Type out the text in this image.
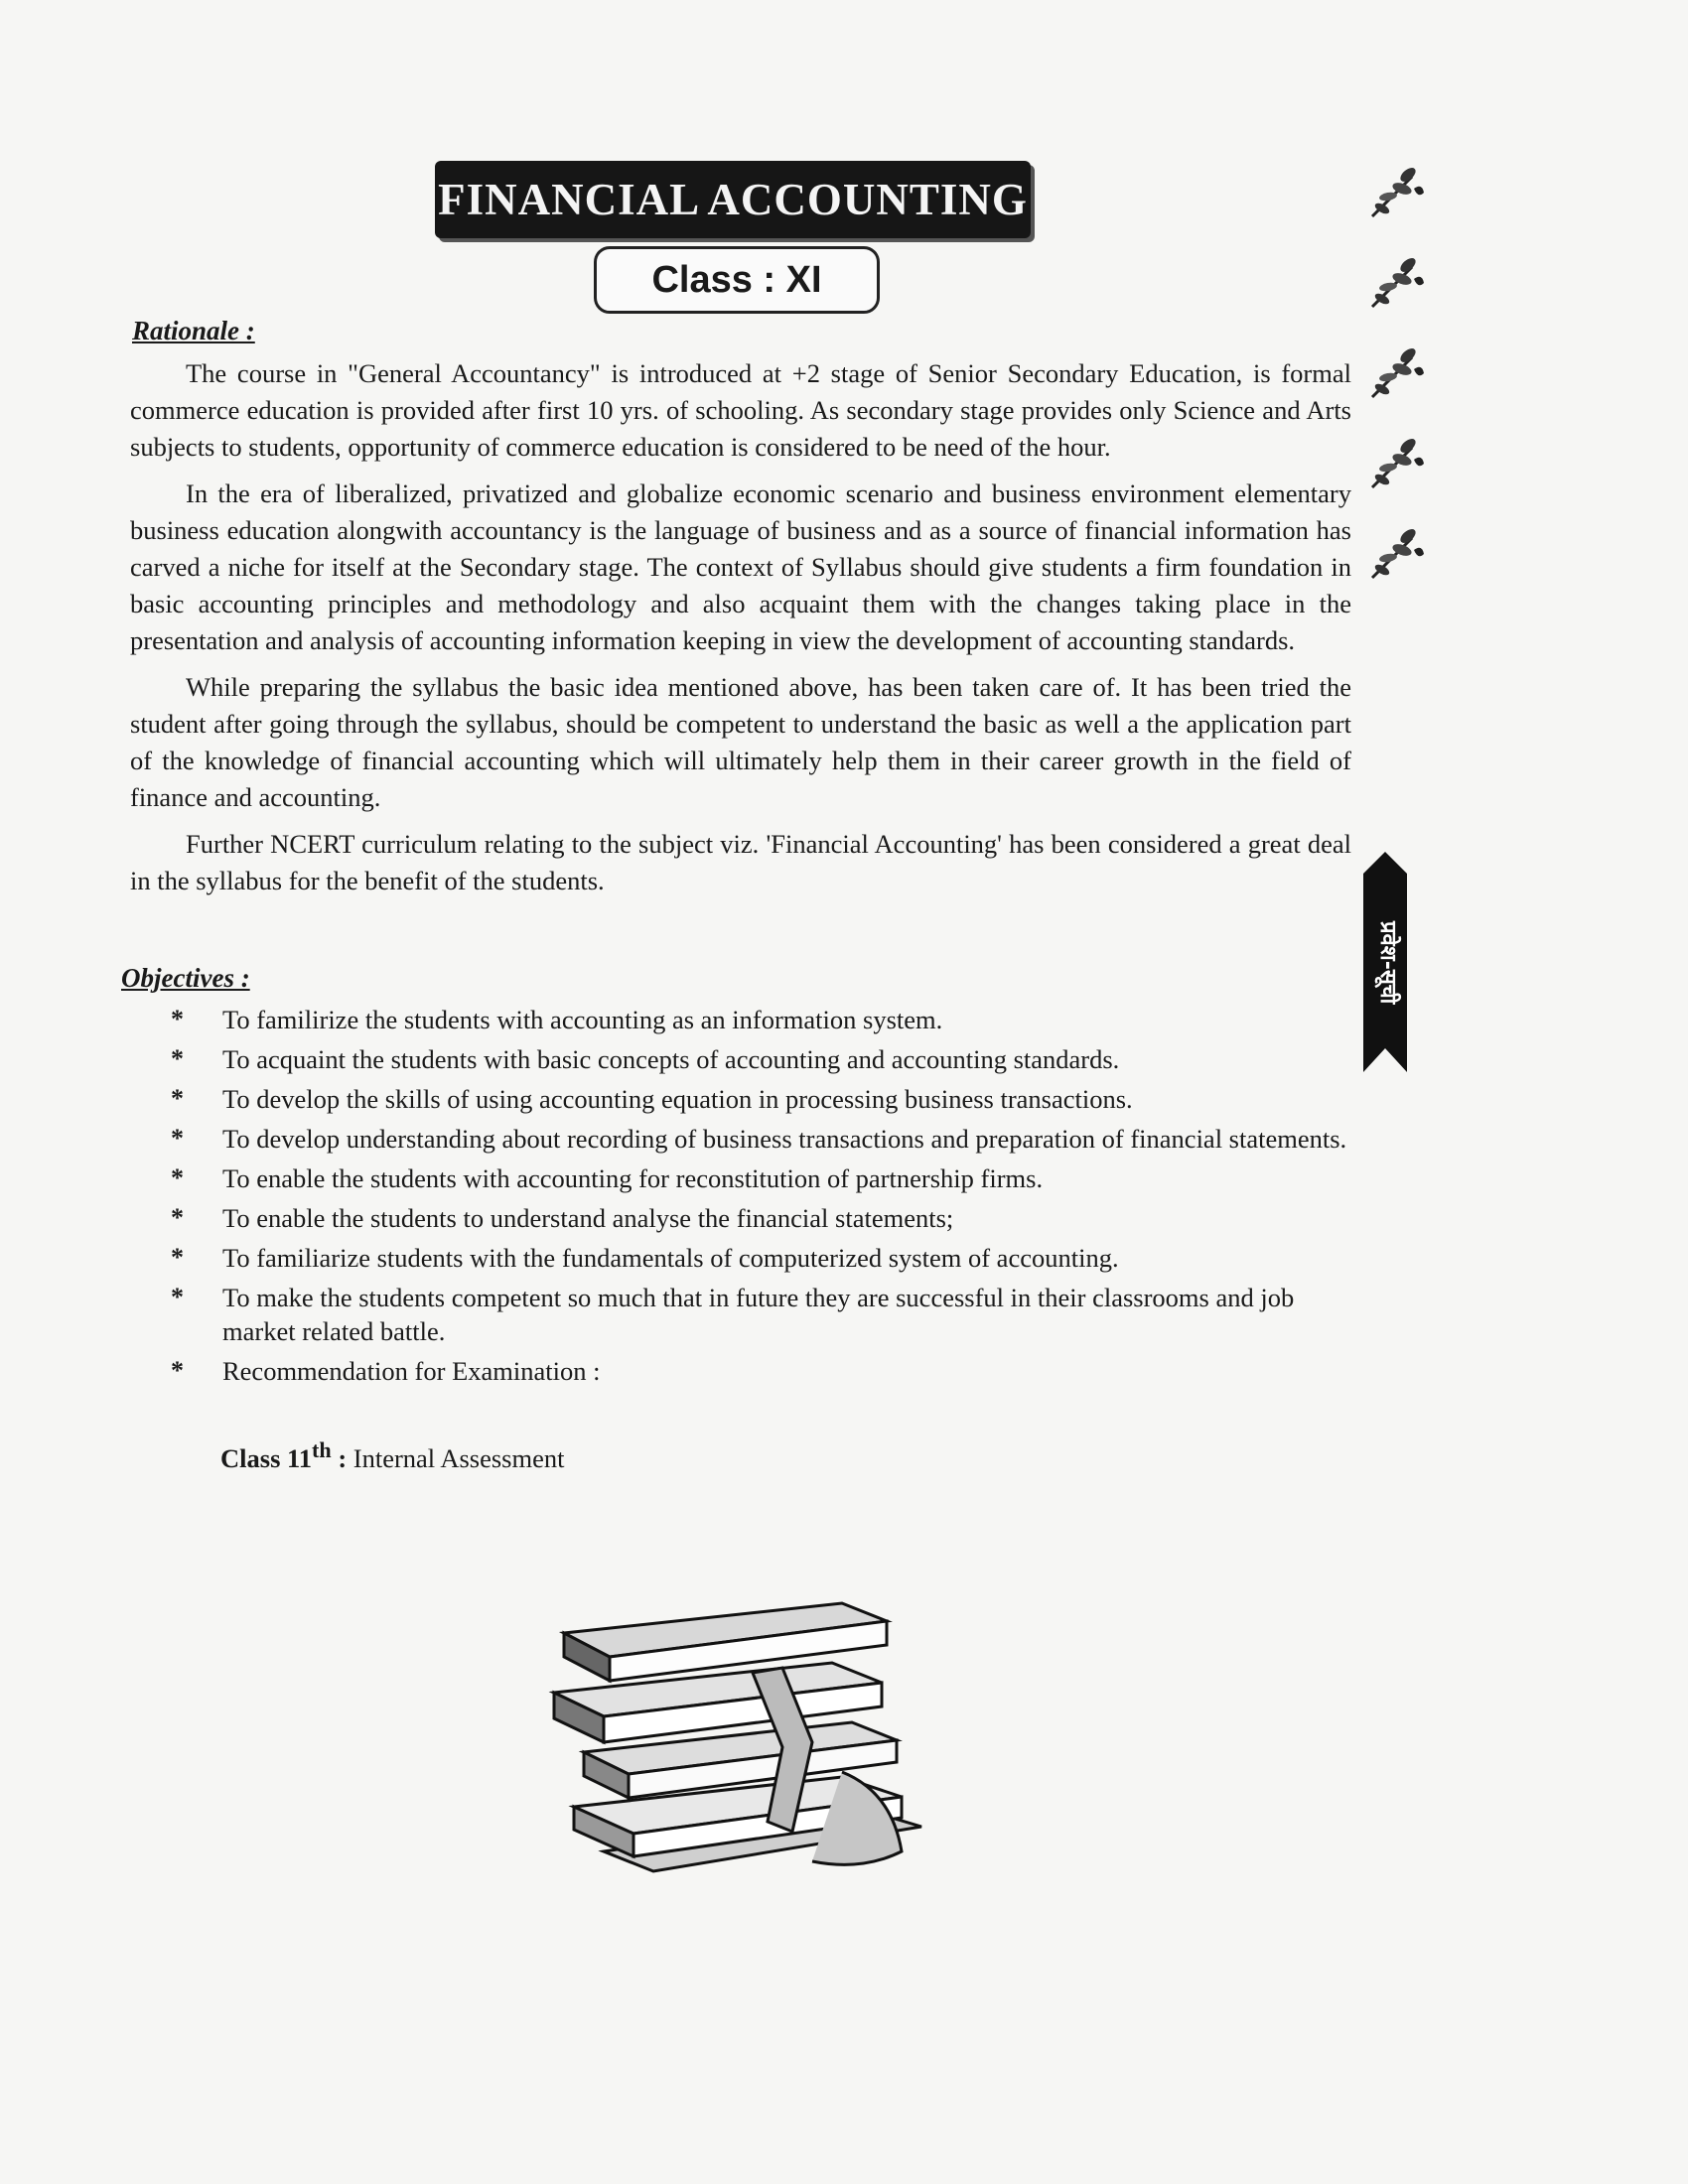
FINANCIAL ACCOUNTING
Class : XI
Rationale :

The course in "General Accountancy" is introduced at +2 stage of Senior Secondary Education, is formal commerce education is provided after first 10 yrs. of schooling. As secondary stage provides only Science and Arts subjects to students, opportunity of commerce education is considered to be need of the hour.

In the era of liberalized, privatized and globalize economic scenario and business environment elementary business education alongwith accountancy is the language of business and as a source of financial information has carved a niche for itself at the Secondary stage. The context of Syllabus should give students a firm foundation in basic accounting principles and methodology and also acquaint them with the changes taking place in the presentation and analysis of accounting information keeping in view the development of accounting standards.

While preparing the syllabus the basic idea mentioned above, has been taken care of. It has been tried the student after going through the syllabus, should be competent to understand the basic as well a the application part of the knowledge of financial accounting which will ultimately help them in their career growth in the field of finance and accounting.

Further NCERT curriculum relating to the subject viz. 'Financial Accounting' has been considered a great deal in the syllabus for the benefit of the students.

Objectives :
* To familirize the students with accounting as an information system.
* To acquaint the students with basic concepts of accounting and accounting standards.
* To develop the skills of using accounting equation in processing business transactions.
* To develop understanding about recording of business transactions and preparation of financial statements.
* To enable the students with accounting for reconstitution of partnership firms.
* To enable the students to understand analyse the financial statements;
* To familiarize students with the fundamentals of computerized system of accounting.
* To make the students competent so much that in future they are successful in their classrooms and job market related battle.
* Recommendation for Examination :
Class 11th : Internal Assessment

प्रवेश-सूची
